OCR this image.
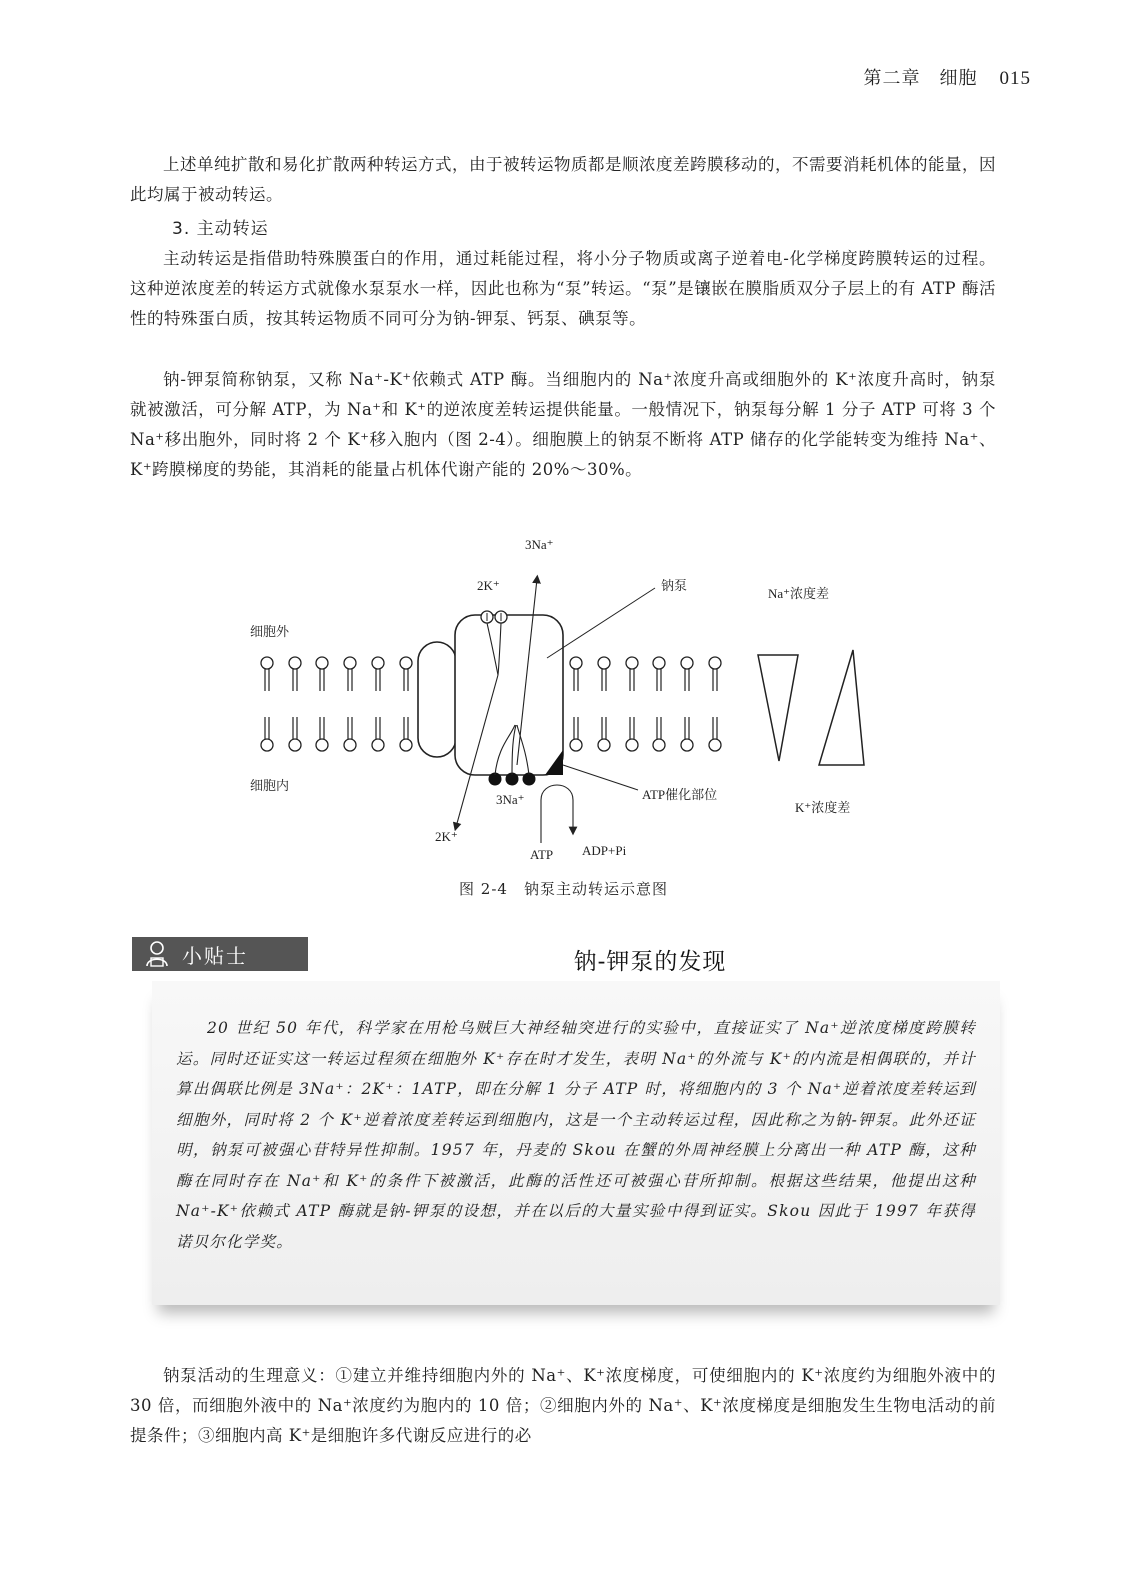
第二章　细胞 015

上述单纯扩散和易化扩散两种转运方式，由于被转运物质都是顺浓度差跨膜移动的，不需要消耗机体的能量，因此均属于被动转运。

3. 主动转运

主动转运是指借助特殊膜蛋白的作用，通过耗能过程，将小分子物质或离子逆着电-化学梯度跨膜转运的过程。这种逆浓度差的转运方式就像水泵泵水一样，因此也称为“泵”转运。“泵”是镶嵌在膜脂质双分子层上的有 ATP 酶活性的特殊蛋白质，按其转运物质不同可分为钠-钾泵、钙泵、碘泵等。

钠-钾泵简称钠泵，又称 Na⁺-K⁺依赖式 ATP 酶。当细胞内的 Na⁺浓度升高或细胞外的 K⁺浓度升高时，钠泵就被激活，可分解 ATP，为 Na⁺和 K⁺的逆浓度差转运提供能量。一般情况下，钠泵每分解 1 分子 ATP 可将 3 个 Na⁺移出胞外，同时将 2 个 K⁺移入胞内（图 2-4）。细胞膜上的钠泵不断将 ATP 储存的化学能转变为维持 Na⁺、K⁺跨膜梯度的势能，其消耗的能量占机体代谢产能的 20%～30%。

3Na⁺
2K⁺	钠泵
细胞外
细胞内
Na⁺浓度差
K⁺浓度差
3Na⁺
2K⁺
ATP催化部位
ATP ADP+Pi
图 2-4　钠泵主动转运示意图
小贴士	钠-钾泵的发现

20 世纪 50 年代，科学家在用枪乌贼巨大神经轴突进行的实验中，直接证实了 Na⁺逆浓度梯度跨膜转运。同时还证实这一转运过程须在细胞外 K⁺存在时才发生，表明 Na⁺的外流与 K⁺的内流是相偶联的，并计算出偶联比例是 3Na⁺：2K⁺：1ATP，即在分解 1 分子 ATP 时，将细胞内的 3 个 Na⁺逆着浓度差转运到细胞外，同时将 2 个 K⁺逆着浓度差转运到细胞内，这是一个主动转运过程，因此称之为钠-钾泵。此外还证明，钠泵可被强心苷特异性抑制。1957 年，丹麦的 Skou 在蟹的外周神经膜上分离出一种 ATP 酶，这种酶在同时存在 Na⁺和 K⁺的条件下被激活，此酶的活性还可被强心苷所抑制。根据这些结果，他提出这种 Na⁺-K⁺依赖式 ATP 酶就是钠-钾泵的设想，并在以后的大量实验中得到证实。Skou 因此于 1997 年获得诺贝尔化学奖。

钠泵活动的生理意义：①建立并维持细胞内外的 Na⁺、K⁺浓度梯度，可使细胞内的 K⁺浓度约为细胞外液中的 30 倍，而细胞外液中的 Na⁺浓度约为胞内的 10 倍；②细胞内外的 Na⁺、K⁺浓度梯度是细胞发生生物电活动的前提条件；③细胞内高 K⁺是细胞许多代谢反应进行的必
